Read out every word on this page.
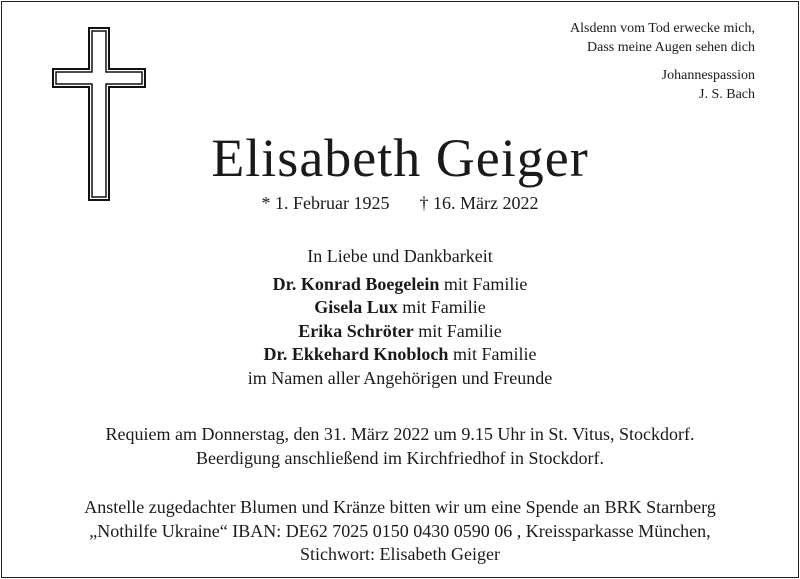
Alsdenn vom Tod erwecke mich,
Dass meine Augen sehen dich
Johannespassion
J. S. Bach
Elisabeth Geiger
* 1. Februar 1925 † 16. März 2022
In Liebe und Dankbarkeit
Dr. Konrad Boegelein mit Familie
Gisela Lux mit Familie
Erika Schröter mit Familie
Dr. Ekkehard Knobloch mit Familie
im Namen aller Angehörigen und Freunde
Requiem am Donnerstag, den 31. März 2022 um 9.15 Uhr in St. Vitus, Stockdorf.
Beerdigung anschließend im Kirchfriedhof in Stockdorf.
Anstelle zugedachter Blumen und Kränze bitten wir um eine Spende an BRK Starnberg
„Nothilfe Ukraine“ IBAN: DE62 7025 0150 0430 0590 06 , Kreissparkasse München,
Stichwort: Elisabeth Geiger
